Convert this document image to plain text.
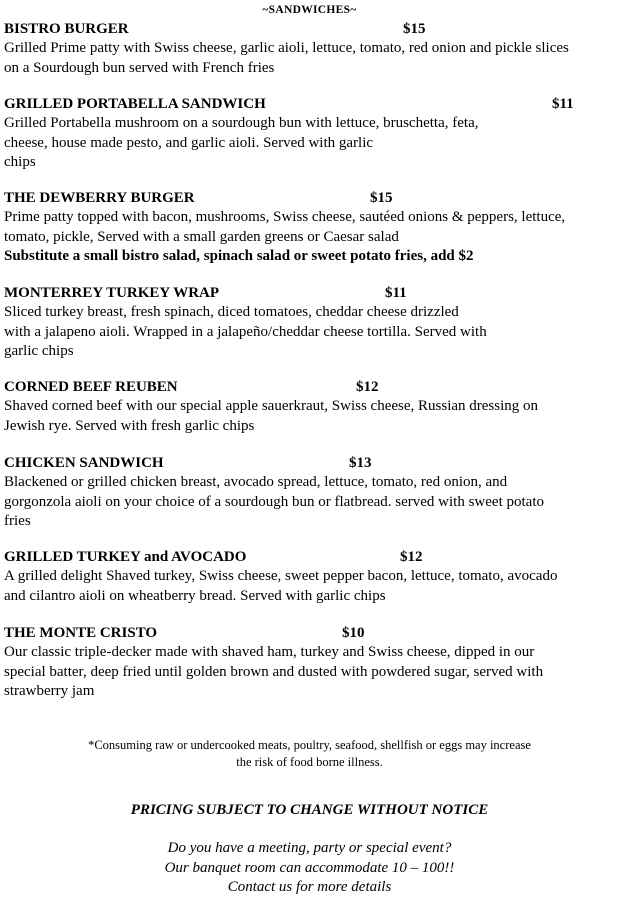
~SANDWICHES~
BISTRO BURGER	$15

Grilled Prime patty with Swiss cheese, garlic aioli, lettuce, tomato, red onion and pickle slices

on a Sourdough bun served with French fries

GRILLED PORTABELLA SANDWICH	$11

Grilled Portabella mushroom on a sourdough bun with lettuce, bruschetta, feta,

cheese, house made pesto, and garlic aioli. Served with garlic

chips

THE DEWBERRY BURGER	$15

Prime patty topped with bacon, mushrooms, Swiss cheese, sautéed onions & peppers, lettuce,

tomato, pickle, Served with a small garden greens or Caesar salad

Substitute a small bistro salad, spinach salad or sweet potato fries, add $2

MONTERREY TURKEY WRAP	$11

Sliced turkey breast, fresh spinach, diced tomatoes, cheddar cheese drizzled

with a jalapeno aioli. Wrapped in a jalapeño/cheddar cheese tortilla. Served with

garlic chips

CORNED BEEF REUBEN	$12

Shaved corned beef with our special apple sauerkraut, Swiss cheese, Russian dressing on

Jewish rye. Served with fresh garlic chips

CHICKEN SANDWICH	$13

Blackened or grilled chicken breast, avocado spread, lettuce, tomato, red onion, and

gorgonzola aioli on your choice of a sourdough bun or flatbread. served with sweet potato

fries

GRILLED TURKEY and AVOCADO	$12

A grilled delight Shaved turkey, Swiss cheese, sweet pepper bacon, lettuce, tomato, avocado

and cilantro aioli on wheatberry bread. Served with garlic chips

THE MONTE CRISTO	$10

Our classic triple-decker made with shaved ham, turkey and Swiss cheese, dipped in our

special batter, deep fried until golden brown and dusted with powdered sugar, served with

strawberry jam

*Consuming raw or undercooked meats, poultry, seafood, shellfish or eggs may increase
the risk of food borne illness.
PRICING SUBJECT TO CHANGE WITHOUT NOTICE
Do you have a meeting, party or special event?
Our banquet room can accommodate 10 – 100!!
Contact us for more details
